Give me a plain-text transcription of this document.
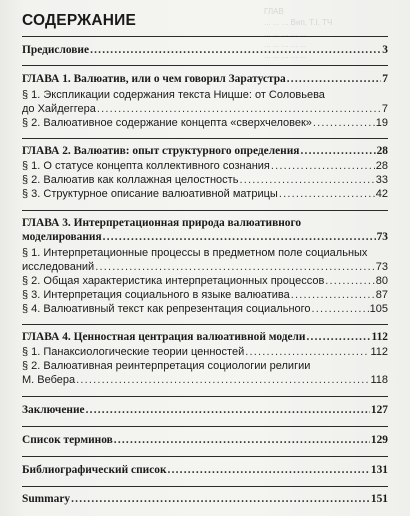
ГЛАВ
... ... ... Вип, Т.І. ТЧ
... ... ... ... ...
... ... ... ... ...
... ... ... ... ...
СОДЕРЖАНИЕ
Предисловие .....	3
ГЛАВА 1. Валюатив, или о чем говорил Заратустра .....	7
§ 1. Экспликации содержания текста Ницше: от Соловьева
до Хайдеггера .....	7
§ 2. Валюативное содержание концепта «сверхчеловек» .....	19
ГЛАВА 2. Валюатив: опыт структурного определения .....	28
§ 1. О статусе концепта коллективного сознания .....	28
§ 2. Валюатив как коллажная целостность .....	33
§ 3. Структурное описание валюативной матрицы .....	42
ГЛАВА 3. Интерпретационная природа валюативного
моделирования .....	73
§ 1. Интерпретационные процессы в предметном поле социальных
исследований .....	73
§ 2. Общая характеристика интерпретационных процессов .....	80
§ 3. Интерпретация социального в языке валюатива .....	87
§ 4. Валюативный текст как репрезентация социального .....	105
ГЛАВА 4. Ценностная центрация валюативной модели .....	112
§ 1. Панаксиологические теории ценностей .....	112
§ 2. Валюативная реинтерпретация социологии религии
М. Вебера .....	118
Заключение .....	127
Список терминов .....	129
Библиографический список .....	131
Summary .....	151
